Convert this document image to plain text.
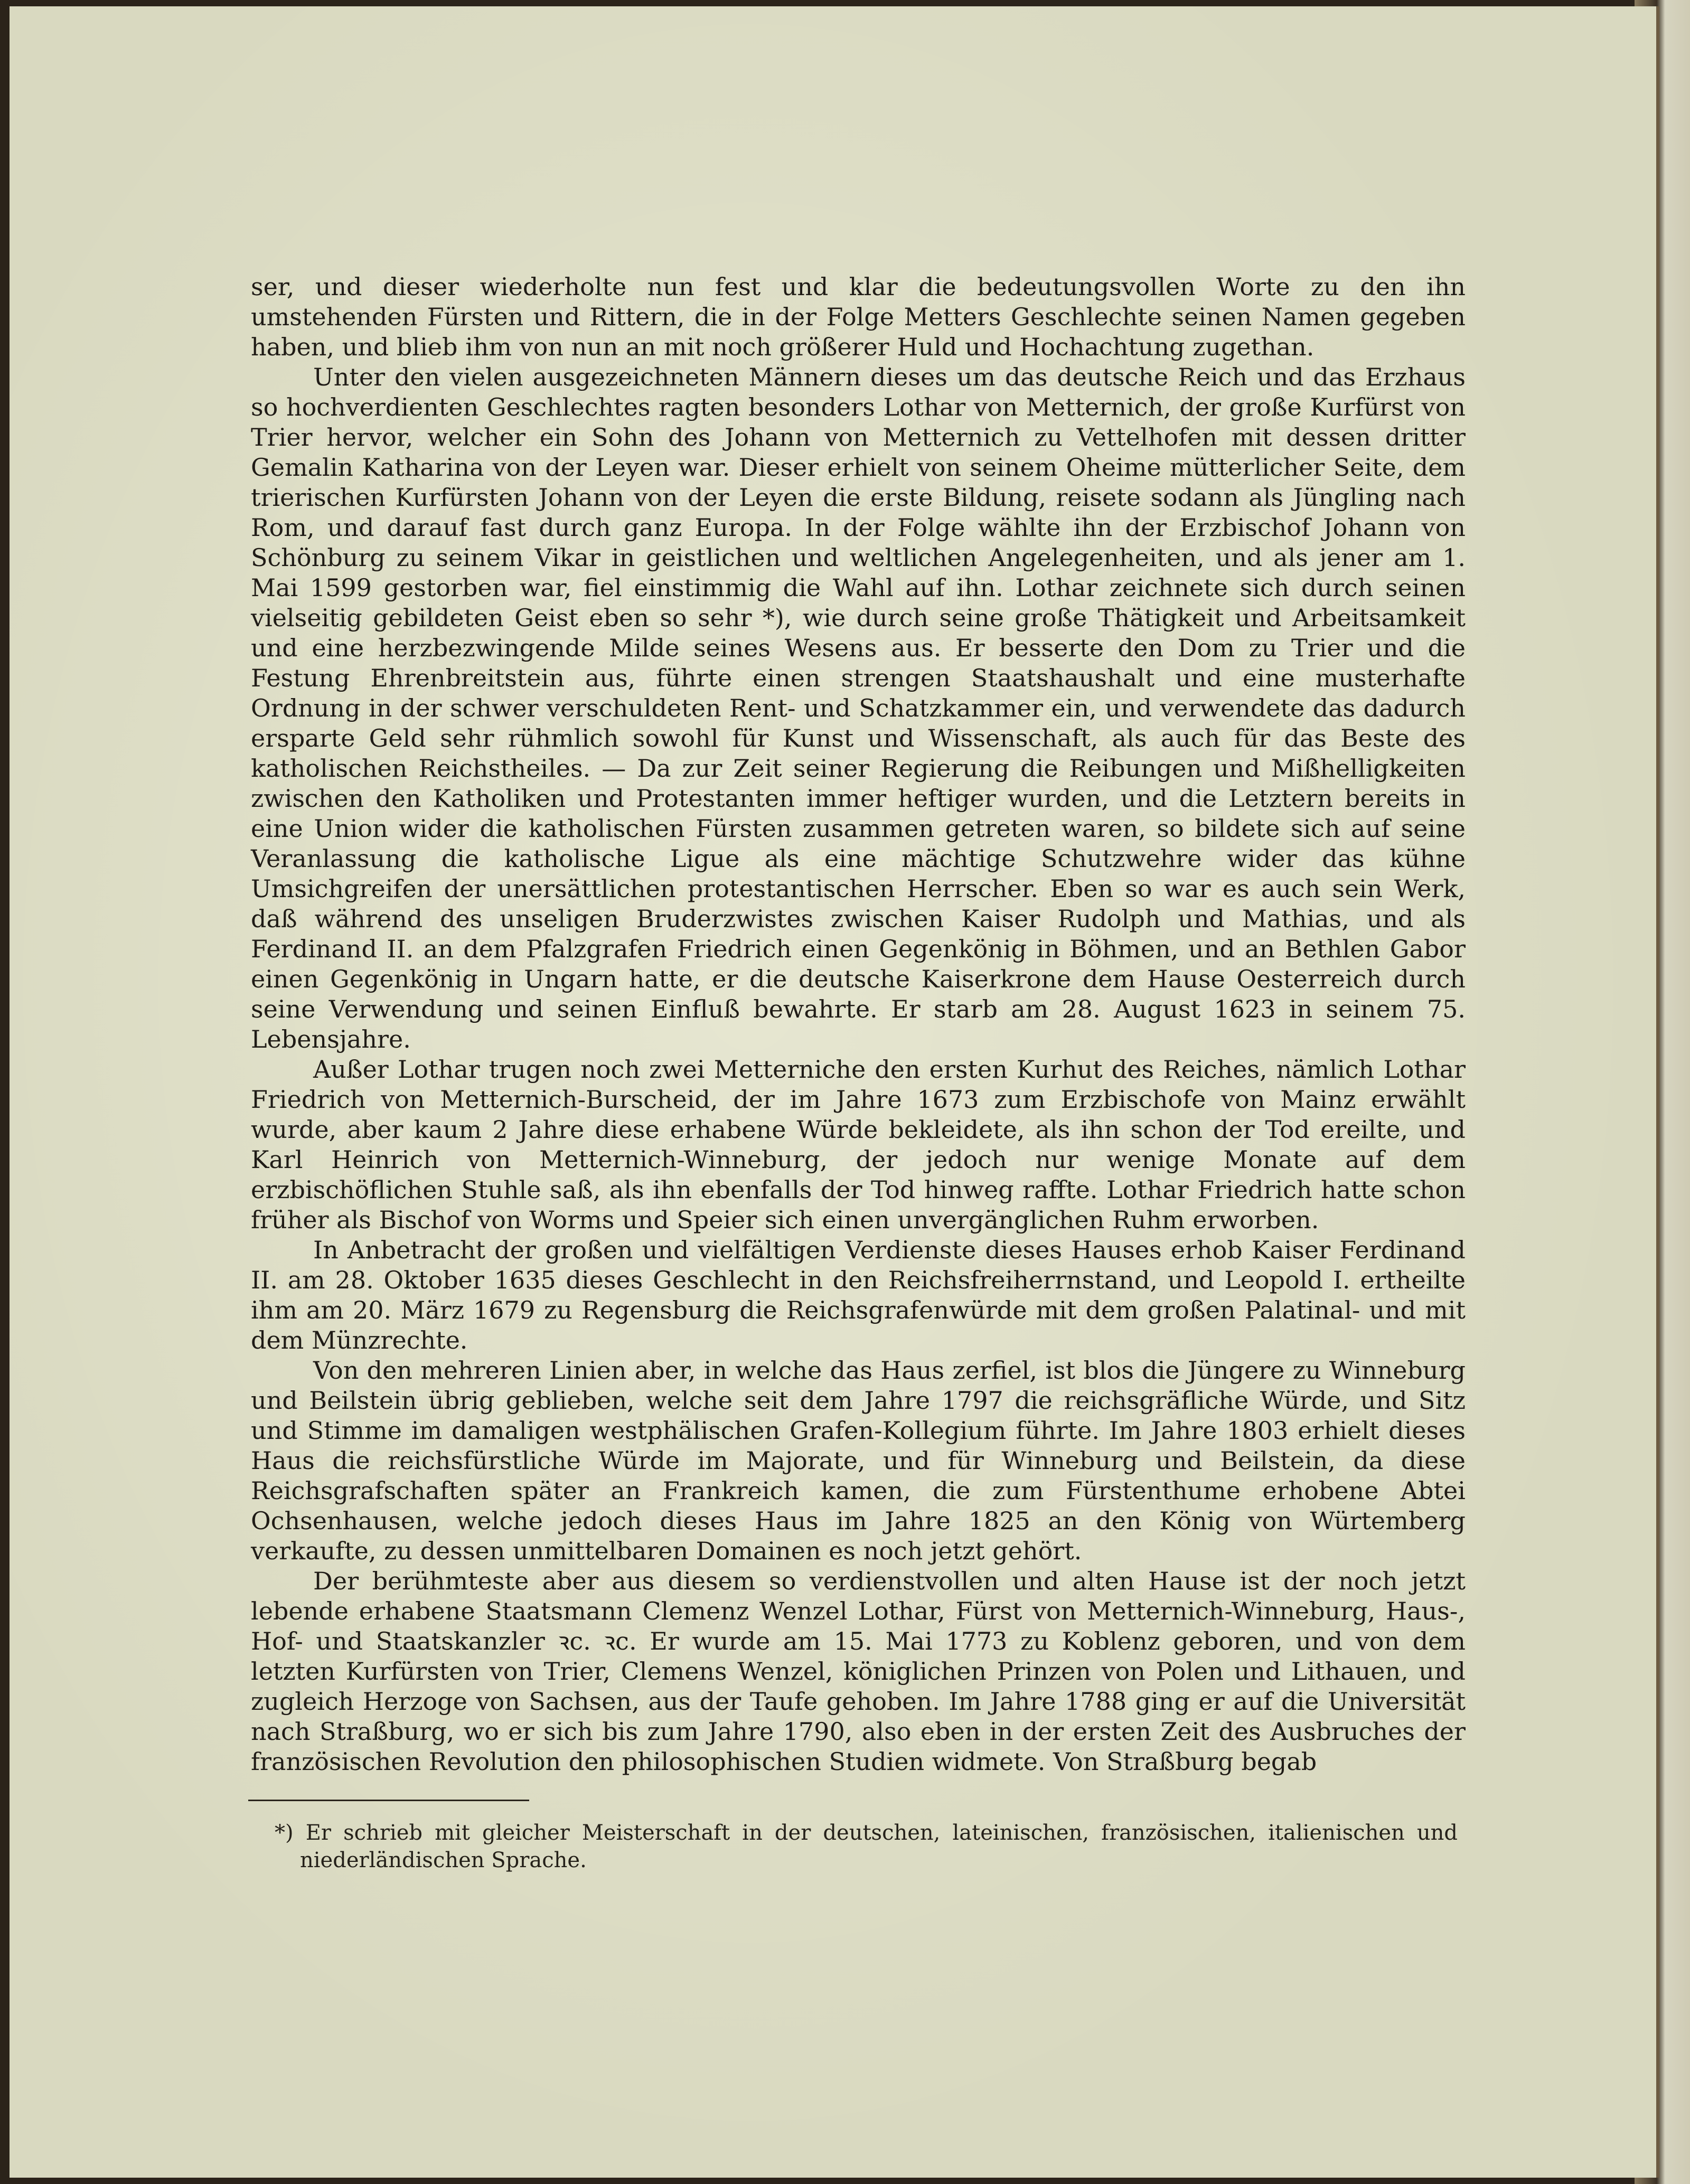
ser, und dieser wiederholte nun fest und klar die bedeutungsvollen Worte zu den ihn umstehenden Fürsten und Rittern, die in der Folge Metters Geschlechte seinen Namen gegeben haben, und blieb ihm von nun an mit noch größerer Huld und Hochachtung zugethan.

Unter den vielen ausgezeichneten Männern dieses um das deutsche Reich und das Erzhaus so hochverdienten Geschlechtes ragten besonders Lothar von Metternich, der große Kurfürst von Trier hervor, welcher ein Sohn des Johann von Metternich zu Vettelhofen mit dessen dritter Gemalin Katharina von der Leyen war. Dieser erhielt von seinem Oheime mütterlicher Seite, dem trierischen Kurfürsten Johann von der Leyen die erste Bildung, reisete sodann als Jüngling nach Rom, und darauf fast durch ganz Europa. In der Folge wählte ihn der Erzbischof Johann von Schönburg zu seinem Vikar in geistlichen und weltlichen Angelegenheiten, und als jener am 1. Mai 1599 gestorben war, fiel einstimmig die Wahl auf ihn. Lothar zeichnete sich durch seinen vielseitig gebildeten Geist eben so sehr *), wie durch seine große Thätigkeit und Arbeitsamkeit und eine herzbezwingende Milde seines Wesens aus. Er besserte den Dom zu Trier und die Festung Ehrenbreitstein aus, führte einen strengen Staatshaushalt und eine musterhafte Ordnung in der schwer verschuldeten Rent- und Schatzkammer ein, und verwendete das dadurch ersparte Geld sehr rühmlich sowohl für Kunst und Wissenschaft, als auch für das Beste des katholischen Reichstheiles. — Da zur Zeit seiner Regierung die Reibungen und Mißhelligkeiten zwischen den Katholiken und Protestanten immer heftiger wurden, und die Letztern bereits in eine Union wider die katholischen Fürsten zusammen getreten waren, so bildete sich auf seine Veranlassung die katholische Ligue als eine mächtige Schutzwehre wider das kühne Umsichgreifen der unersättlichen protestantischen Herrscher. Eben so war es auch sein Werk, daß während des unseligen Bruderzwistes zwischen Kaiser Rudolph und Mathias, und als Ferdinand II. an dem Pfalzgrafen Friedrich einen Gegenkönig in Böhmen, und an Bethlen Gabor einen Gegenkönig in Ungarn hatte, er die deutsche Kaiserkrone dem Hause Oesterreich durch seine Verwendung und seinen Einfluß bewahrte. Er starb am 28. August 1623 in seinem 75. Lebensjahre.

Außer Lothar trugen noch zwei Metterniche den ersten Kurhut des Reiches, nämlich Lothar Friedrich von Metternich-Burscheid, der im Jahre 1673 zum Erzbischofe von Mainz erwählt wurde, aber kaum 2 Jahre diese erhabene Würde bekleidete, als ihn schon der Tod ereilte, und Karl Heinrich von Metternich-Winneburg, der jedoch nur wenige Monate auf dem erzbischöflichen Stuhle saß, als ihn ebenfalls der Tod hinweg raffte. Lothar Friedrich hatte schon früher als Bischof von Worms und Speier sich einen unvergänglichen Ruhm erworben.

In Anbetracht der großen und vielfältigen Verdienste dieses Hauses erhob Kaiser Ferdinand II. am 28. Oktober 1635 dieses Geschlecht in den Reichsfreiherrnstand, und Leopold I. ertheilte ihm am 20. März 1679 zu Regensburg die Reichsgrafenwürde mit dem großen Palatinal- und mit dem Münzrechte.

Von den mehreren Linien aber, in welche das Haus zerfiel, ist blos die Jüngere zu Winneburg und Beilstein übrig geblieben, welche seit dem Jahre 1797 die reichsgräfliche Würde, und Sitz und Stimme im damaligen westphälischen Grafen-Kollegium führte. Im Jahre 1803 erhielt dieses Haus die reichsfürstliche Würde im Majorate, und für Winneburg und Beilstein, da diese Reichsgrafschaften später an Frankreich kamen, die zum Fürstenthume erhobene Abtei Ochsenhausen, welche jedoch dieses Haus im Jahre 1825 an den König von Würtemberg verkaufte, zu dessen unmittelbaren Domainen es noch jetzt gehört.

Der berühmteste aber aus diesem so verdienstvollen und alten Hause ist der noch jetzt lebende erhabene Staatsmann Clemenz Wenzel Lothar, Fürst von Metternich-Winneburg, Haus-, Hof- und Staatskanzler ꝛc. ꝛc. Er wurde am 15. Mai 1773 zu Koblenz geboren, und von dem letzten Kurfürsten von Trier, Clemens Wenzel, königlichen Prinzen von Polen und Lithauen, und zugleich Herzoge von Sachsen, aus der Taufe gehoben. Im Jahre 1788 ging er auf die Universität nach Straßburg, wo er sich bis zum Jahre 1790, also eben in der ersten Zeit des Ausbruches der französischen Revolution den philosophischen Studien widmete. Von Straßburg begab

*) Er schrieb mit gleicher Meisterschaft in der deutschen, lateinischen, französischen, italienischen und niederländischen Sprache.
